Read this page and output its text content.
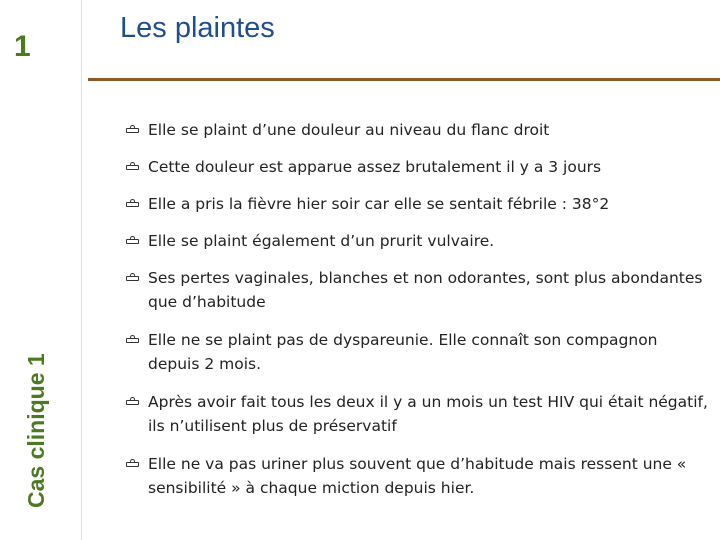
1
Cas clinique 1
Les plaintes
Elle se plaint d’une douleur au niveau du flanc droit
Cette douleur est apparue assez brutalement il y a 3 jours
Elle a pris la fièvre hier soir car elle se sentait fébrile : 38°2
Elle se plaint également d’un prurit vulvaire.
Ses pertes vaginales, blanches et non odorantes, sont plus abondantes que d’habitude
Elle ne se plaint pas de dyspareunie. Elle connaît son compagnon depuis 2 mois.
Après avoir fait tous les deux il y a un mois un test HIV qui était négatif, ils n’utilisent plus de préservatif
Elle ne va pas uriner plus souvent que d’habitude mais ressent une « sensibilité » à chaque miction depuis hier.
